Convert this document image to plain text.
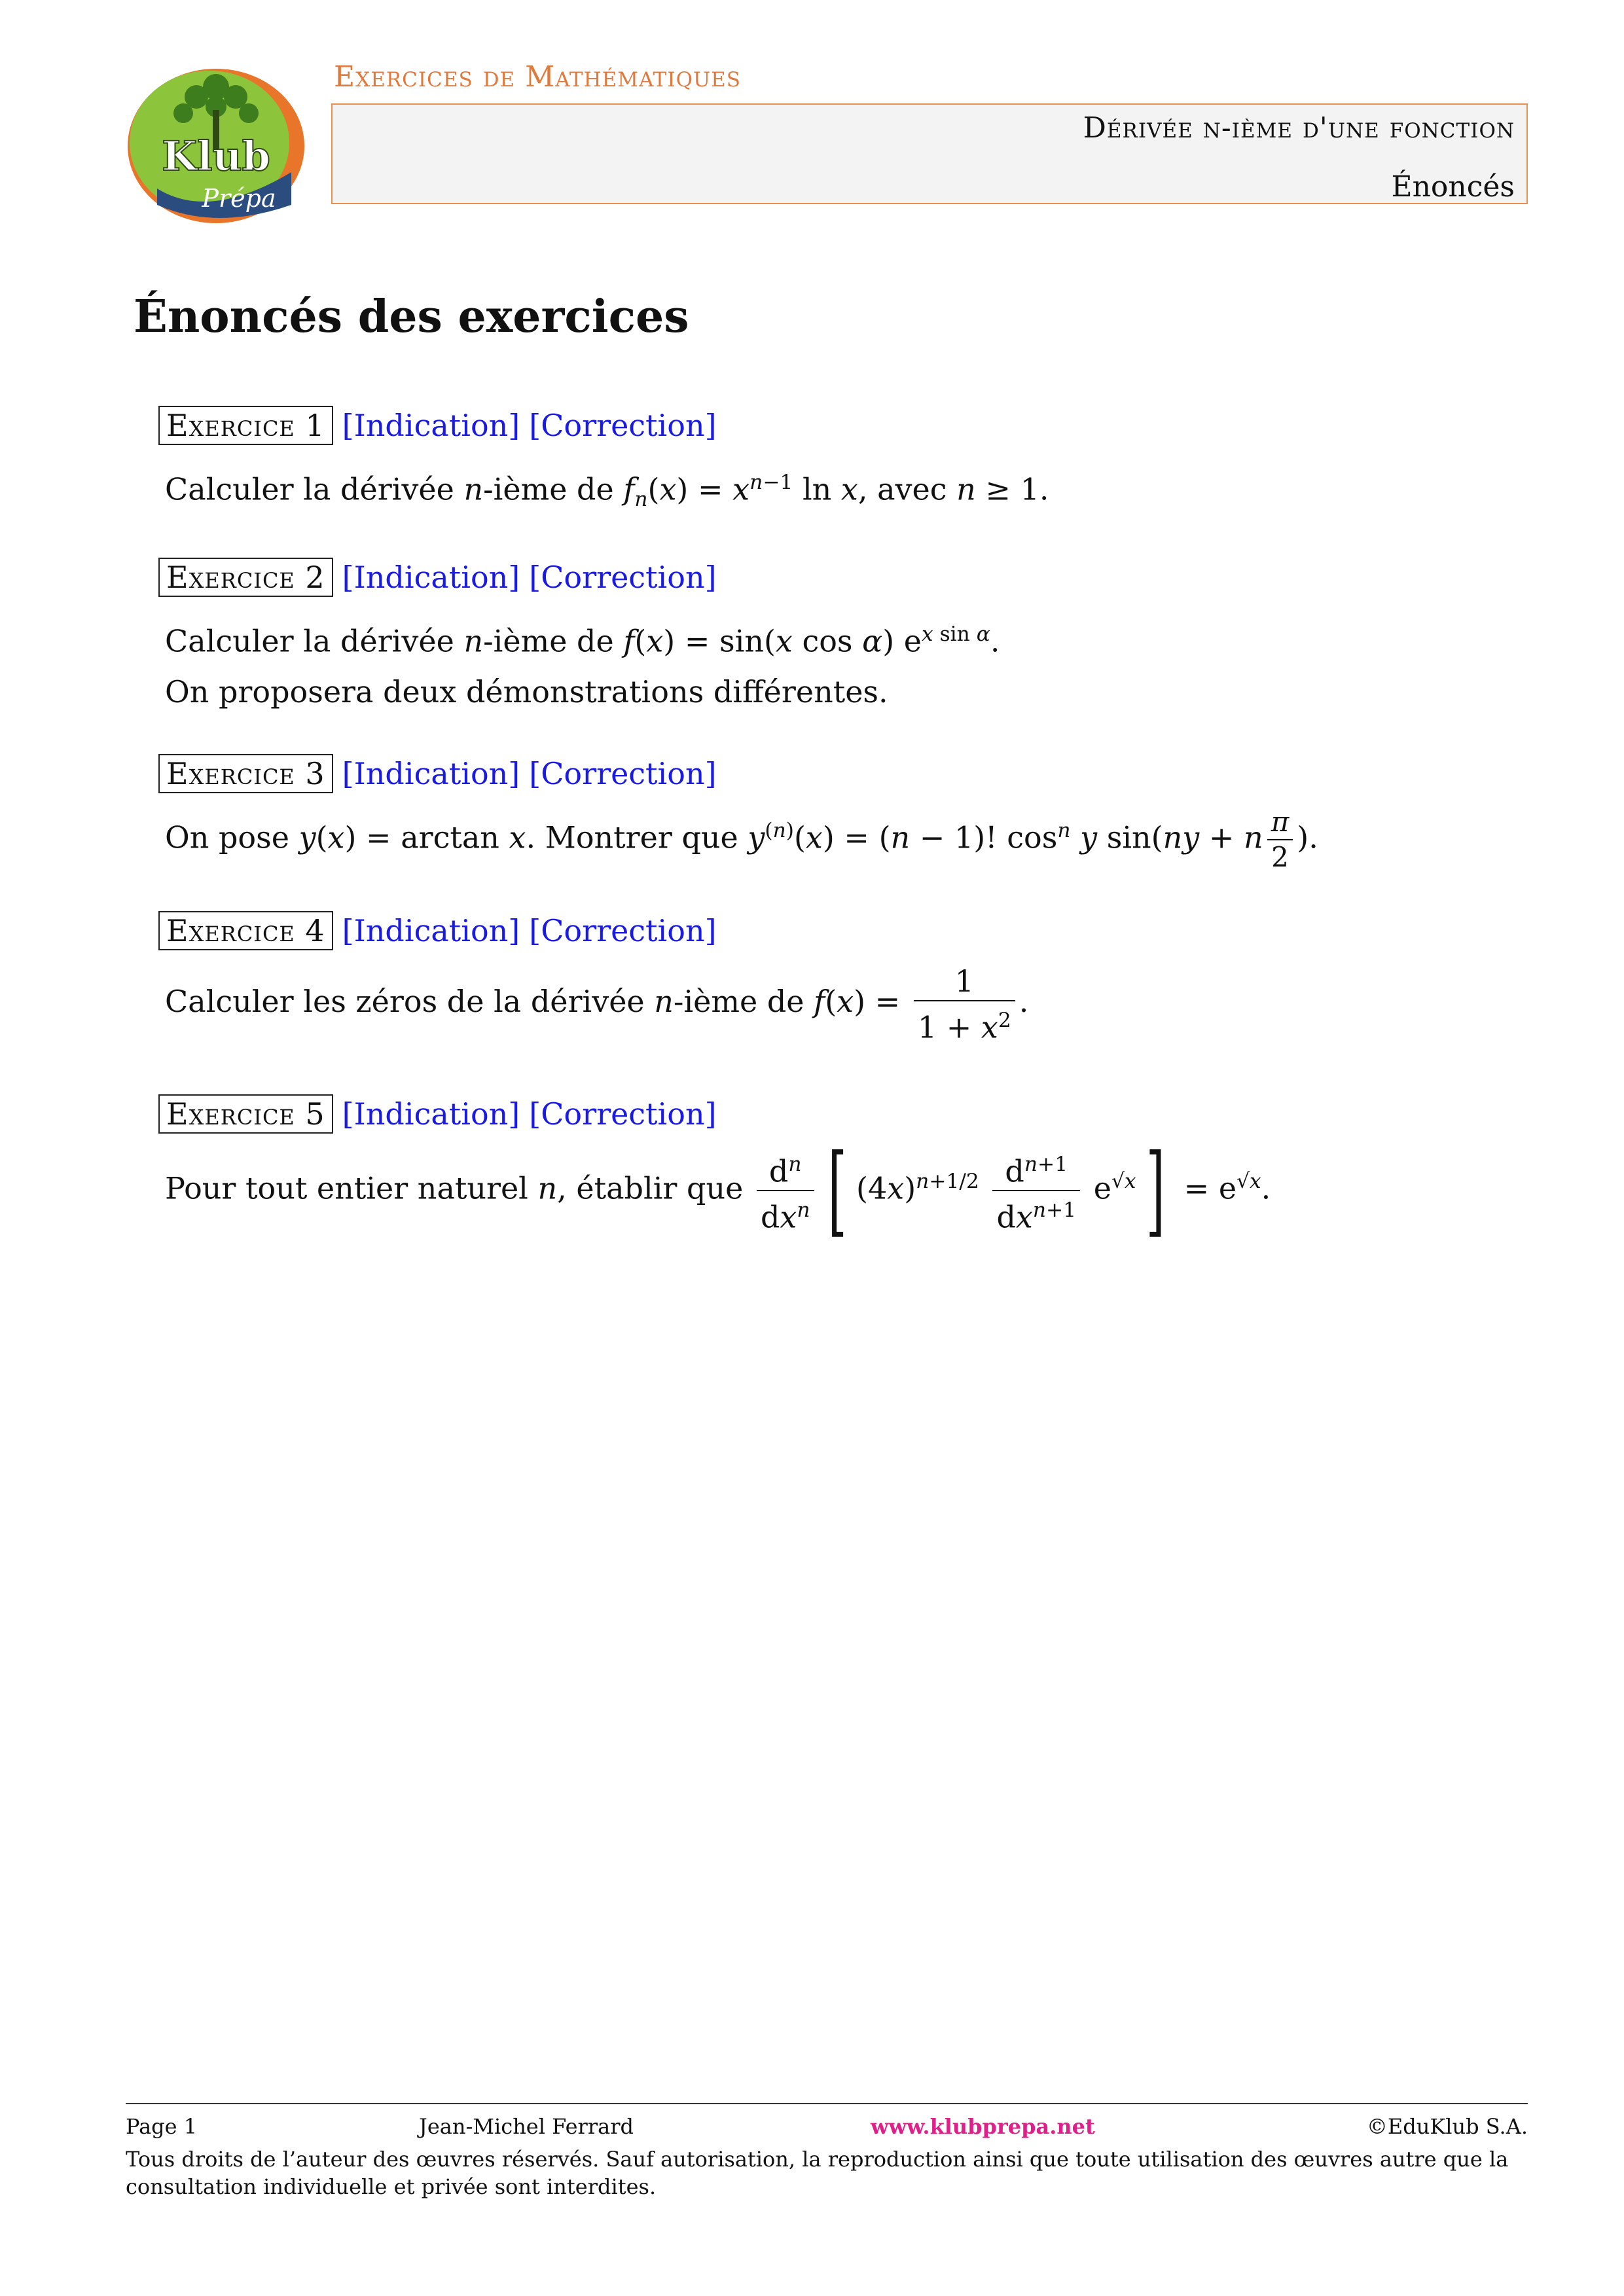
Klub
Prépa
Exercices de Mathématiques
Dérivée n-ième d'une fonction
Énoncés
Énoncés des exercices
Exercice 1 [Indication] [Correction]
Calculer la dérivée n-ième de $f_n(x) = x^{n-1}$ ln x, avec n ≥ 1.
Exercice 2 [Indication] [Correction]
Calculer la dérivée n-ième de f(x) = sin(x cos α) $e^{x sin \alpha}$.
On proposera deux démonstrations différentes.
Exercice 3 [Indication] [Correction]
On pose y(x) = arctan x. Montrer que $y^{(n)}(x) = (n - 1)$! $\cos^n y$ sin(ny + n $\frac{\pi}{2}$ ).
Exercice 4 [Indication] [Correction]
Calculer les zéros de la dérivée n-ième de $f(x) = \frac{1}{1 + x^2}$ .
Exercice 5 [Indication] [Correction]
Pour tout entier naturel n, établir que $\frac{d^n}{dx^n}$ [ $(4x)^{n+1/2} \frac{d^{n+1}}{dx^{n+1}} e^{√x}] = e^{√x}$.
Page 1	Jean-Michel Ferrard	www.klubprepa.net	©EduKlub S.A.
Tous droits de l’auteur des œuvres réservés. Sauf autorisation, la reproduction ainsi que toute utilisation des œuvres autre que la consultation individuelle et privée sont interdites.
